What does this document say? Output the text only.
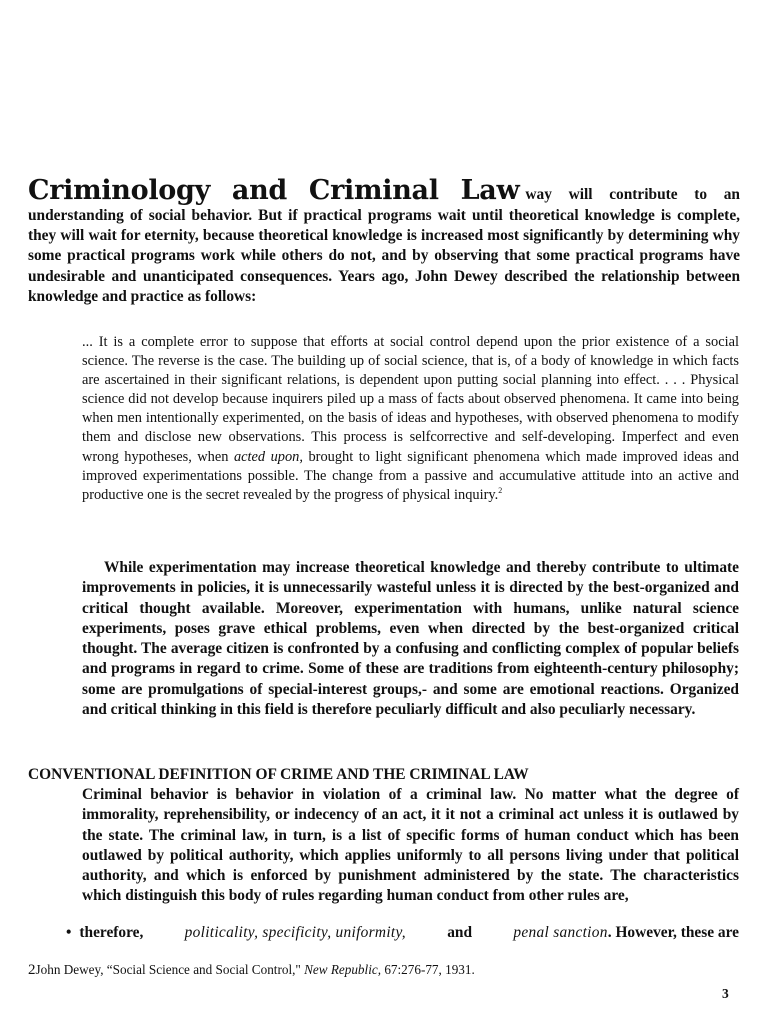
Criminology and Criminal Law way will contribute to an understanding of social behavior. But if practical programs wait until theoretical knowledge is complete, they will wait for eternity, because theoretical knowledge is increased most significantly by determining why some practical programs work while others do not, and by observing that some practical programs have undesirable and unanticipated consequences. Years ago, John Dewey described the relationship between knowledge and practice as follows:
... It is a complete error to suppose that efforts at social control depend upon the prior existence of a social science. The reverse is the case. The building up of social science, that is, of a body of knowledge in which facts are ascertained in their significant relations, is dependent upon putting social planning into effect. . . . Physical science did not develop because inquirers piled up a mass of facts about observed phenomena. It came into being when men intentionally experimented, on the basis of ideas and hypotheses, with observed phenomena to modify them and disclose new observations. This process is selfcorrective and self-developing. Imperfect and even wrong hypotheses, when acted upon, brought to light significant phenomena which made improved ideas and improved experimentations possible. The change from a passive and accumulative attitude into an active and productive one is the secret revealed by the progress of physical inquiry.$^2$
While experimentation may increase theoretical knowledge and thereby contribute to ultimate improvements in policies, it is unnecessarily wasteful unless it is directed by the best-organized and critical thought available. Moreover, experimentation with humans, unlike natural science experiments, poses grave ethical problems, even when directed by the best-organized critical thought. The average citizen is confronted by a confusing and conflicting complex of popular beliefs and programs in regard to crime. Some of these are traditions from eighteenth-century philosophy; some are promulgations of special-interest groups,- and some are emotional reactions. Organized and critical thinking in this field is therefore peculiarly difficult and also peculiarly necessary.
CONVENTIONAL DEFINITION OF CRIME AND THE CRIMINAL LAW
Criminal behavior is behavior in violation of a criminal law. No matter what the degree of immorality, reprehensibility, or indecency of an act, it it not a criminal act unless it is outlawed by the state. The criminal law, in turn, is a list of specific forms of human conduct which has been outlawed by political authority, which applies uniformly to all persons living under that political authority, and which is enforced by punishment administered by the state. The characteristics which distinguish this body of rules regarding human conduct from other rules are,
• therefore,	politicality, specificity, uniformity,	and	penal sanction. However, these are
2John Dewey, “Social Science and Social Control," New Republic, 67:276-77, 1931.
3
